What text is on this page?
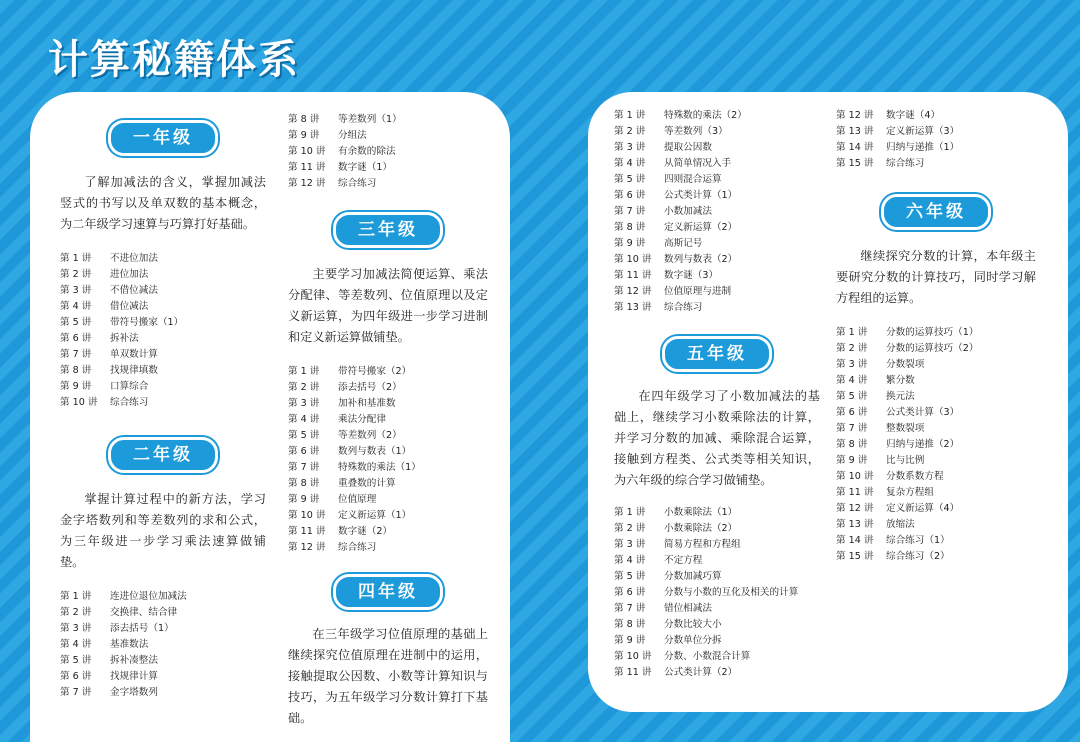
计算秘籍体系
一年级

了解加减法的含义，掌握加减法竖式的书写以及单双数的基本概念，为二年级学习速算与巧算打好基础。

第 1 讲	不进位加法
第 2 讲	进位加法
第 3 讲	不借位减法
第 4 讲	借位减法
第 5 讲	带符号搬家（1）
第 6 讲	拆补法
第 7 讲	单双数计算
第 8 讲	找规律填数
第 9 讲	口算综合
第 10 讲	综合练习
二年级

掌握计算过程中的新方法，学习金字塔数列和等差数列的求和公式，为三年级进一步学习乘法速算做铺垫。

第 1 讲	连进位退位加减法
第 2 讲	交换律、结合律
第 3 讲	添去括号（1）
第 4 讲	基准数法
第 5 讲	拆补凑整法
第 6 讲	找规律计算
第 7 讲	金字塔数列
第 8 讲	等差数列（1）
第 9 讲	分组法
第 10 讲	有余数的除法
第 11 讲	数字谜（1）
第 12 讲	综合练习
三年级

主要学习加减法简便运算、乘法分配律、等差数列、位值原理以及定义新运算，为四年级进一步学习进制和定义新运算做铺垫。

第 1 讲	带符号搬家（2）
第 2 讲	添去括号（2）
第 3 讲	加补和基准数
第 4 讲	乘法分配律
第 5 讲	等差数列（2）
第 6 讲	数列与数表（1）
第 7 讲	特殊数的乘法（1）
第 8 讲	重叠数的计算
第 9 讲	位值原理
第 10 讲	定义新运算（1）
第 11 讲	数字谜（2）
第 12 讲	综合练习
四年级

在三年级学习位值原理的基础上继续探究位值原理在进制中的运用，接触提取公因数、小数等计算知识与技巧，为五年级学习分数计算打下基础。

第 1 讲	特殊数的乘法（2）
第 2 讲	等差数列（3）
第 3 讲	提取公因数
第 4 讲	从简单情况入手
第 5 讲	四则混合运算
第 6 讲	公式类计算（1）
第 7 讲	小数加减法
第 8 讲	定义新运算（2）
第 9 讲	高斯记号
第 10 讲	数列与数表（2）
第 11 讲	数字谜（3）
第 12 讲	位值原理与进制
第 13 讲	综合练习
五年级

在四年级学习了小数加减法的基础上，继续学习小数乘除法的计算，并学习分数的加减、乘除混合运算，接触到方程类、公式类等相关知识，为六年级的综合学习做铺垫。

第 1 讲	小数乘除法（1）
第 2 讲	小数乘除法（2）
第 3 讲	简易方程和方程组
第 4 讲	不定方程
第 5 讲	分数加减巧算
第 6 讲	分数与小数的互化及相关的计算
第 7 讲	错位相减法
第 8 讲	分数比较大小
第 9 讲	分数单位分拆
第 10 讲	分数、小数混合计算
第 11 讲	公式类计算（2）
第 12 讲	数字谜（4）
第 13 讲	定义新运算（3）
第 14 讲	归纳与递推（1）
第 15 讲	综合练习
六年级

继续探究分数的计算，本年级主要研究分数的计算技巧，同时学习解方程组的运算。

第 1 讲	分数的运算技巧（1）
第 2 讲	分数的运算技巧（2）
第 3 讲	分数裂项
第 4 讲	繁分数
第 5 讲	换元法
第 6 讲	公式类计算（3）
第 7 讲	整数裂项
第 8 讲	归纳与递推（2）
第 9 讲	比与比例
第 10 讲	分数系数方程
第 11 讲	复杂方程组
第 12 讲	定义新运算（4）
第 13 讲	放缩法
第 14 讲	综合练习（1）
第 15 讲	综合练习（2）
